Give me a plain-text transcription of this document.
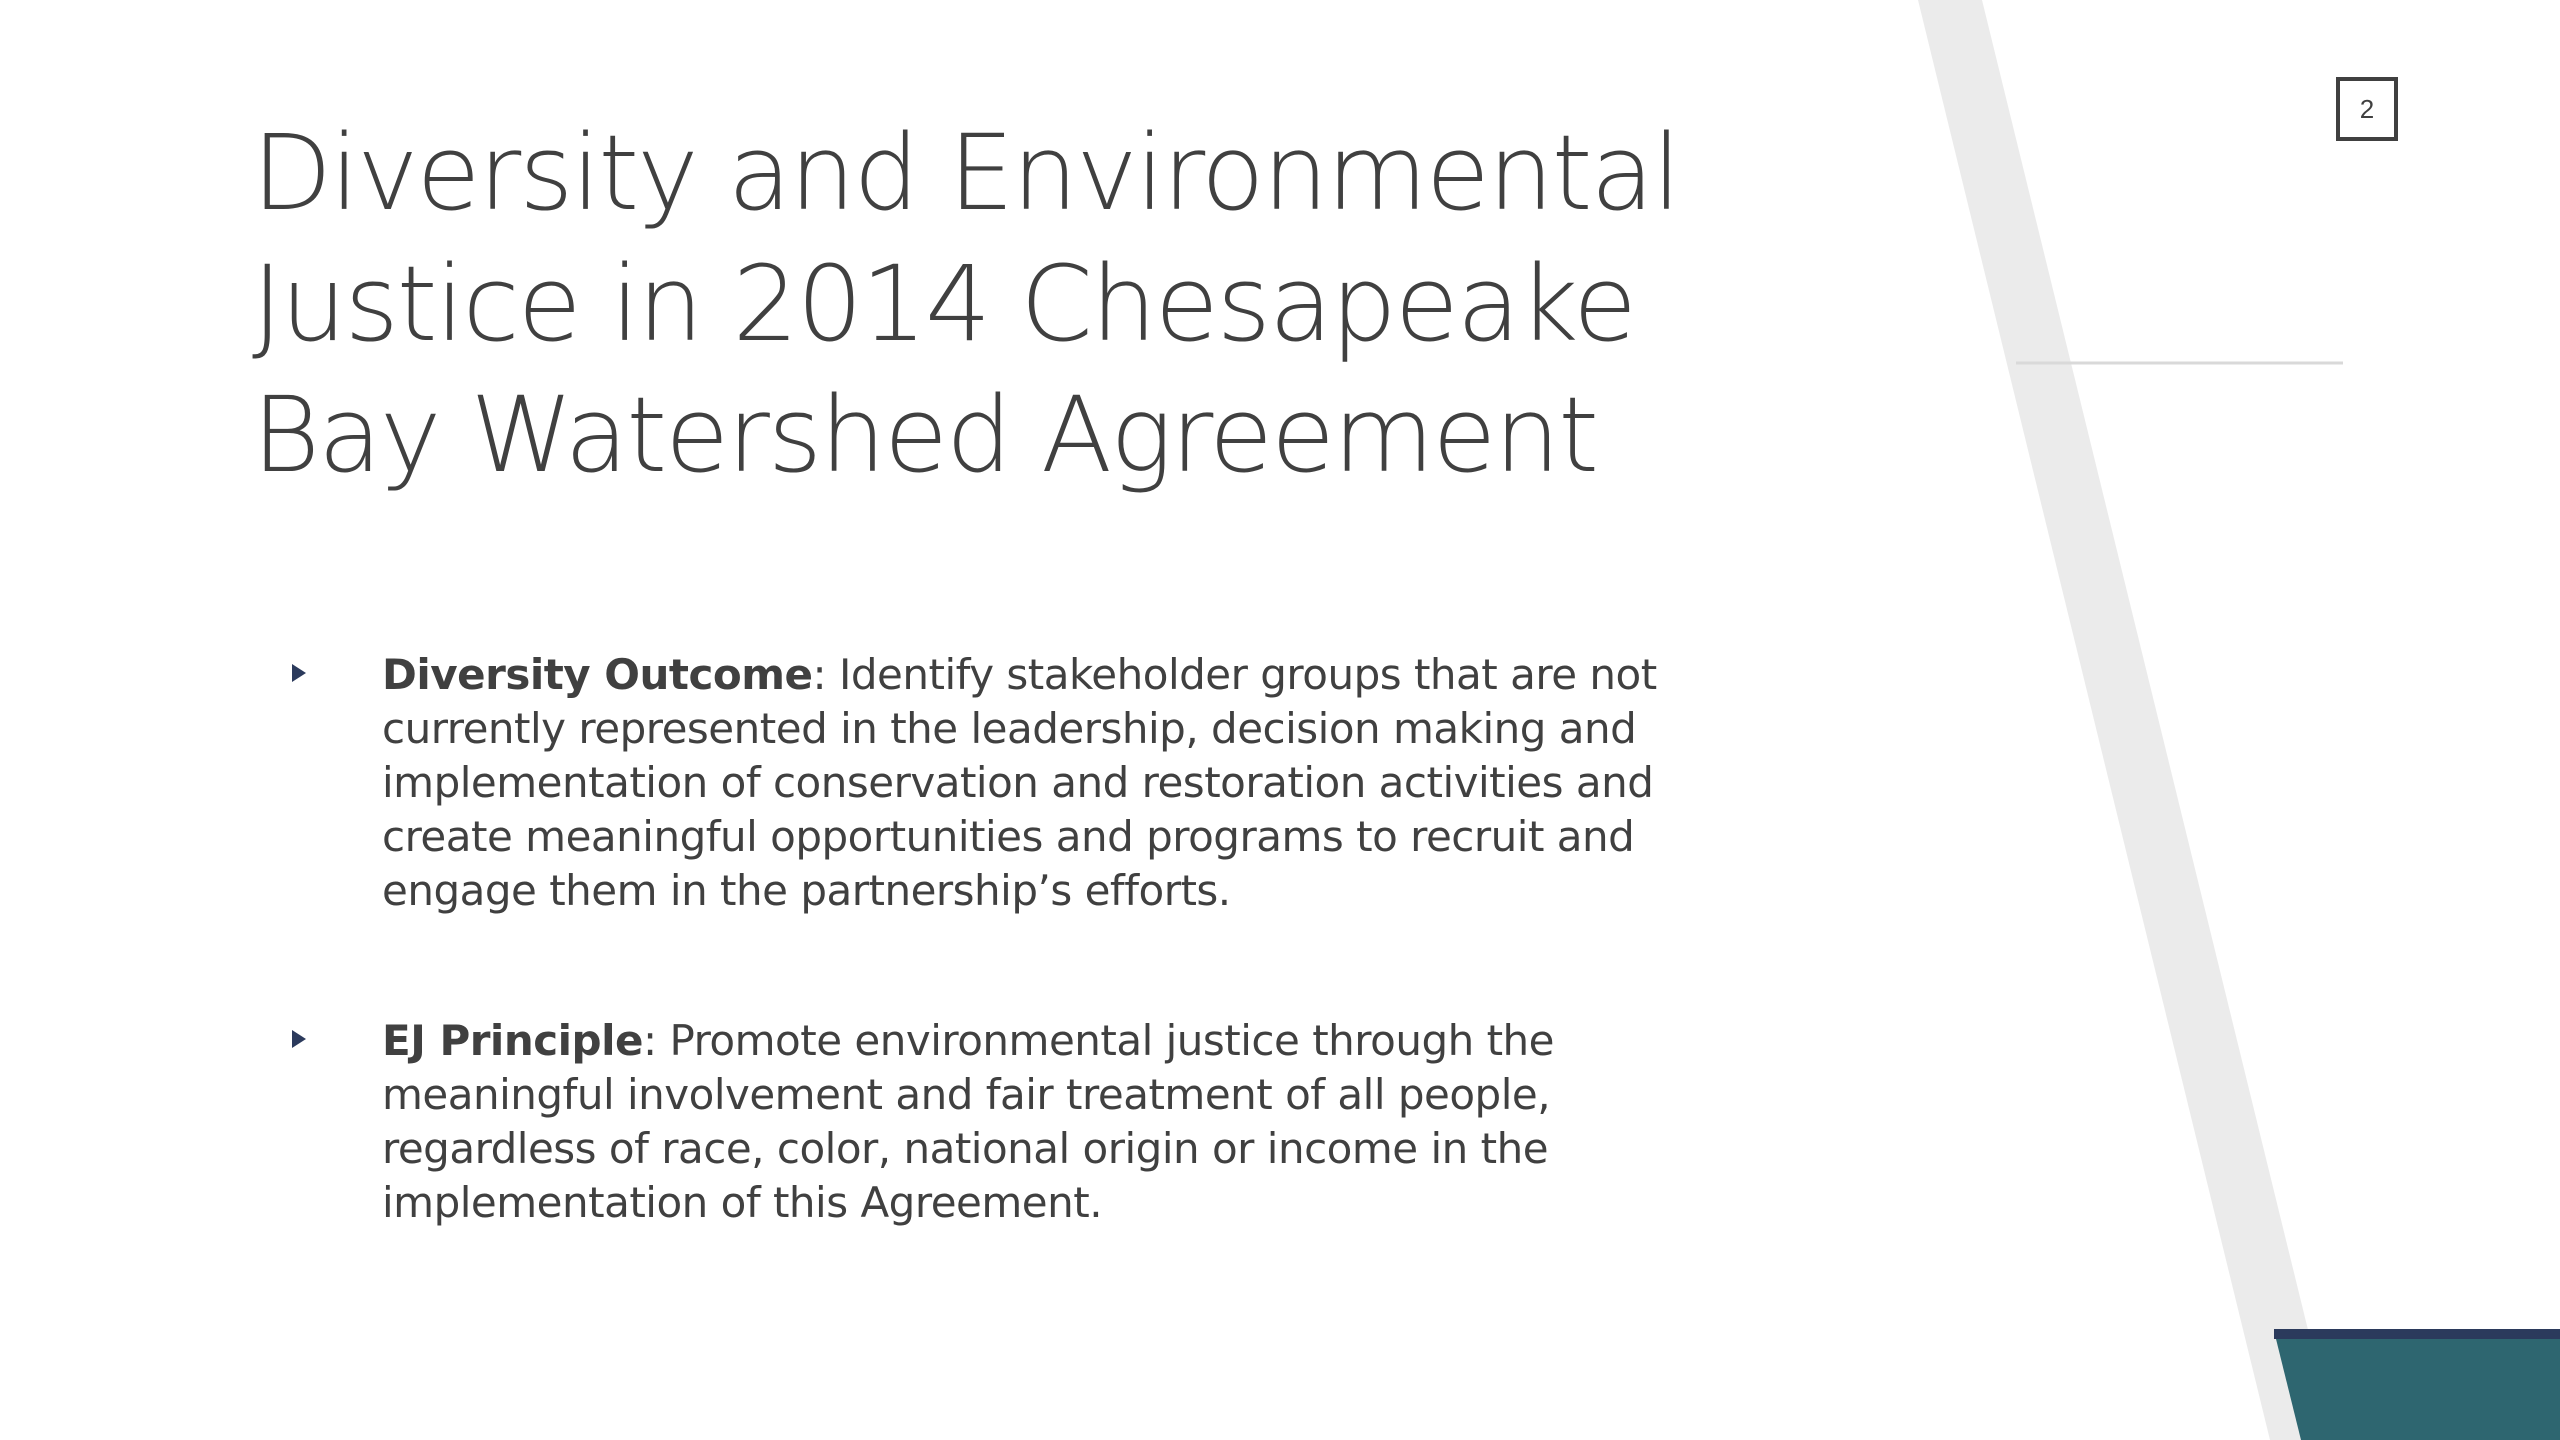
Diversity and Environmental Justice in 2014 Chesapeake Bay Watershed Agreement
2
Diversity Outcome: Identify stakeholder groups that are not currently represented in the leadership, decision making and implementation of conservation and restoration activities and create meaningful opportunities and programs to recruit and engage them in the partnership’s efforts.
EJ Principle: Promote environmental justice through the meaningful involvement and fair treatment of all people, regardless of race, color, national origin or income in the implementation of this Agreement.
